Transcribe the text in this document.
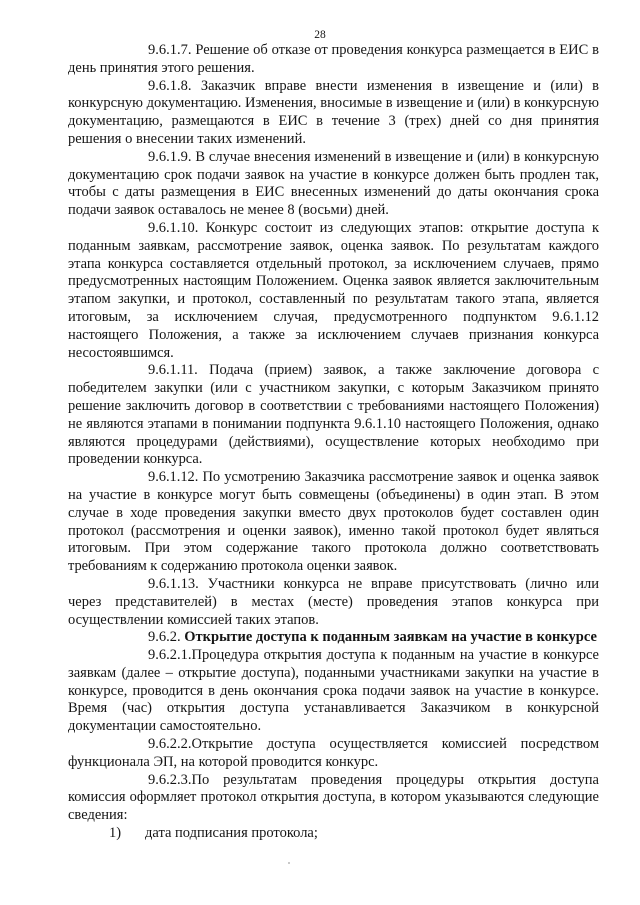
28

9.6.1.7. Решение об отказе от проведения конкурса размещается в ЕИС в день принятия этого решения.

9.6.1.8. Заказчик вправе внести изменения в извещение и (или) в конкурсную документацию. Изменения, вносимые в извещение и (или) в конкурсную документацию, размещаются в ЕИС в течение 3 (трех) дней со дня принятия решения о внесении таких изменений.

9.6.1.9. В случае внесения изменений в извещение и (или) в конкурсную документацию срок подачи заявок на участие в конкурсе должен быть продлен так, чтобы с даты размещения в ЕИС внесенных изменений до даты окончания срока подачи заявок оставалось не менее 8 (восьми) дней.

9.6.1.10. Конкурс состоит из следующих этапов: открытие доступа к поданным заявкам, рассмотрение заявок, оценка заявок. По результатам каждого этапа конкурса составляется отдельный протокол, за исключением случаев, прямо предусмотренных настоящим Положением. Оценка заявок является заключительным этапом закупки, и протокол, составленный по результатам такого этапа, является итоговым, за исключением случая, предусмотренного подпунктом 9.6.1.12 настоящего Положения, а также за исключением случаев признания конкурса несостоявшимся.

9.6.1.11. Подача (прием) заявок, а также заключение договора с победителем закупки (или с участником закупки, с которым Заказчиком принято решение заключить договор в соответствии с требованиями настоящего Положения) не являются этапами в понимании подпункта 9.6.1.10 настоящего Положения, однако являются процедурами (действиями), осуществление которых необходимо при проведении конкурса.

9.6.1.12. По усмотрению Заказчика рассмотрение заявок и оценка заявок на участие в конкурсе могут быть совмещены (объединены) в один этап. В этом случае в ходе проведения закупки вместо двух протоколов будет составлен один протокол (рассмотрения и оценки заявок), именно такой протокол будет являться итоговым. При этом содержание такого протокола должно соответствовать требованиям к содержанию протокола оценки заявок.

9.6.1.13. Участники конкурса не вправе присутствовать (лично или через представителей) в местах (месте) проведения этапов конкурса при осуществлении комиссией таких этапов.

9.6.2. Открытие доступа к поданным заявкам на участие в конкурсе

9.6.2.1.Процедура открытия доступа к поданным на участие в конкурсе заявкам (далее – открытие доступа), поданными участниками закупки на участие в конкурсе, проводится в день окончания срока подачи заявок на участие в конкурсе. Время (час) открытия доступа устанавливается Заказчиком в конкурсной документации самостоятельно.

9.6.2.2.Открытие доступа осуществляется комиссией посредством функционала ЭП, на которой проводится конкурс.

9.6.2.3.По результатам проведения процедуры открытия доступа комиссия оформляет протокол открытия доступа, в котором указываются следующие сведения:

1) дата подписания протокола;
